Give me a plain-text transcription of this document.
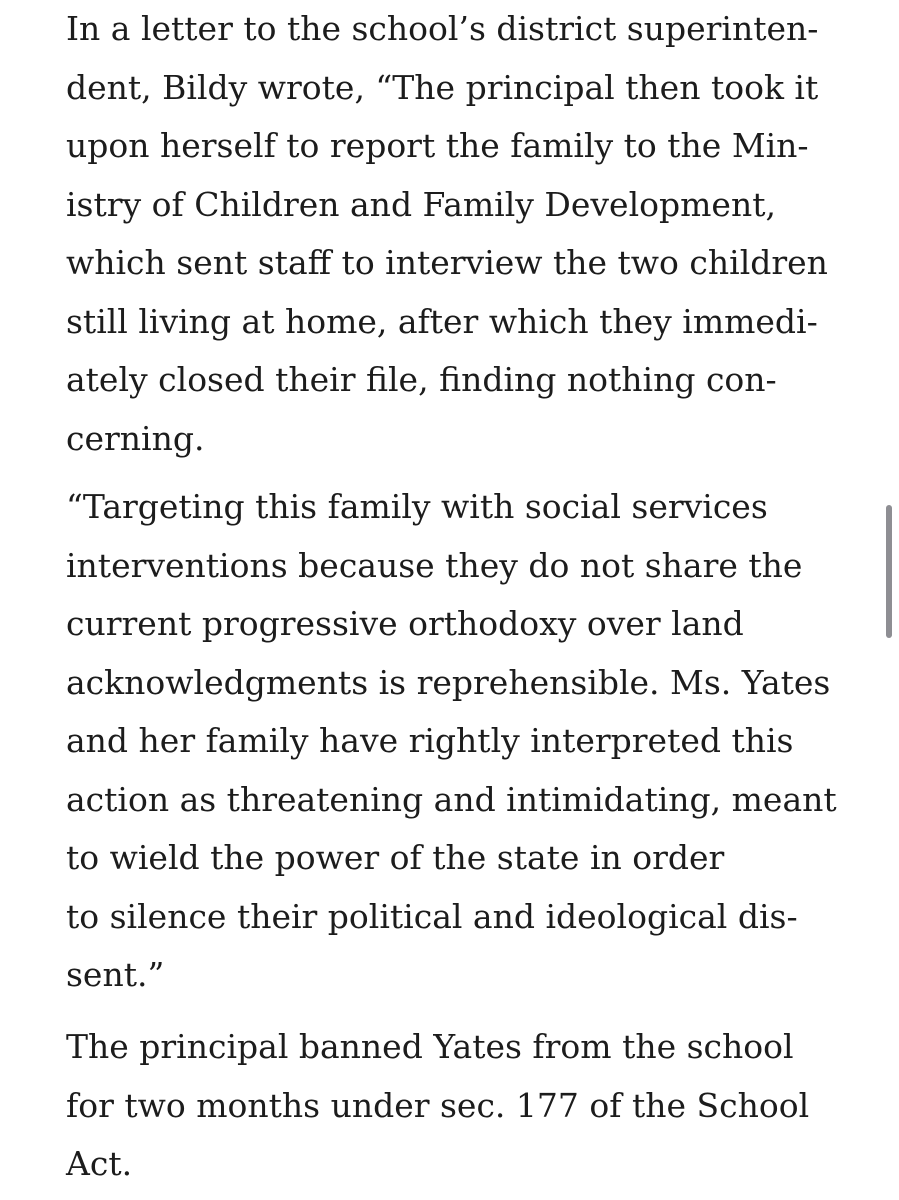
In a letter to the school’s district superinten-
dent, Bildy wrote, “The principal then took it
upon herself to report the family to the Min-
istry of Children and Family Development,
which sent staff to interview the two children
still living at home, after which they immedi-
ately closed their file, finding nothing con-
cerning.
“Targeting this family with social services
interventions because they do not share the
current progressive orthodoxy over land
acknowledgments is reprehensible. Ms. Yates
and her family have rightly interpreted this
action as threatening and intimidating, meant
to wield the power of the state in order
to silence their political and ideological dis-
sent.”
The principal banned Yates from the school
for two months under sec. 177 of the School
Act.
